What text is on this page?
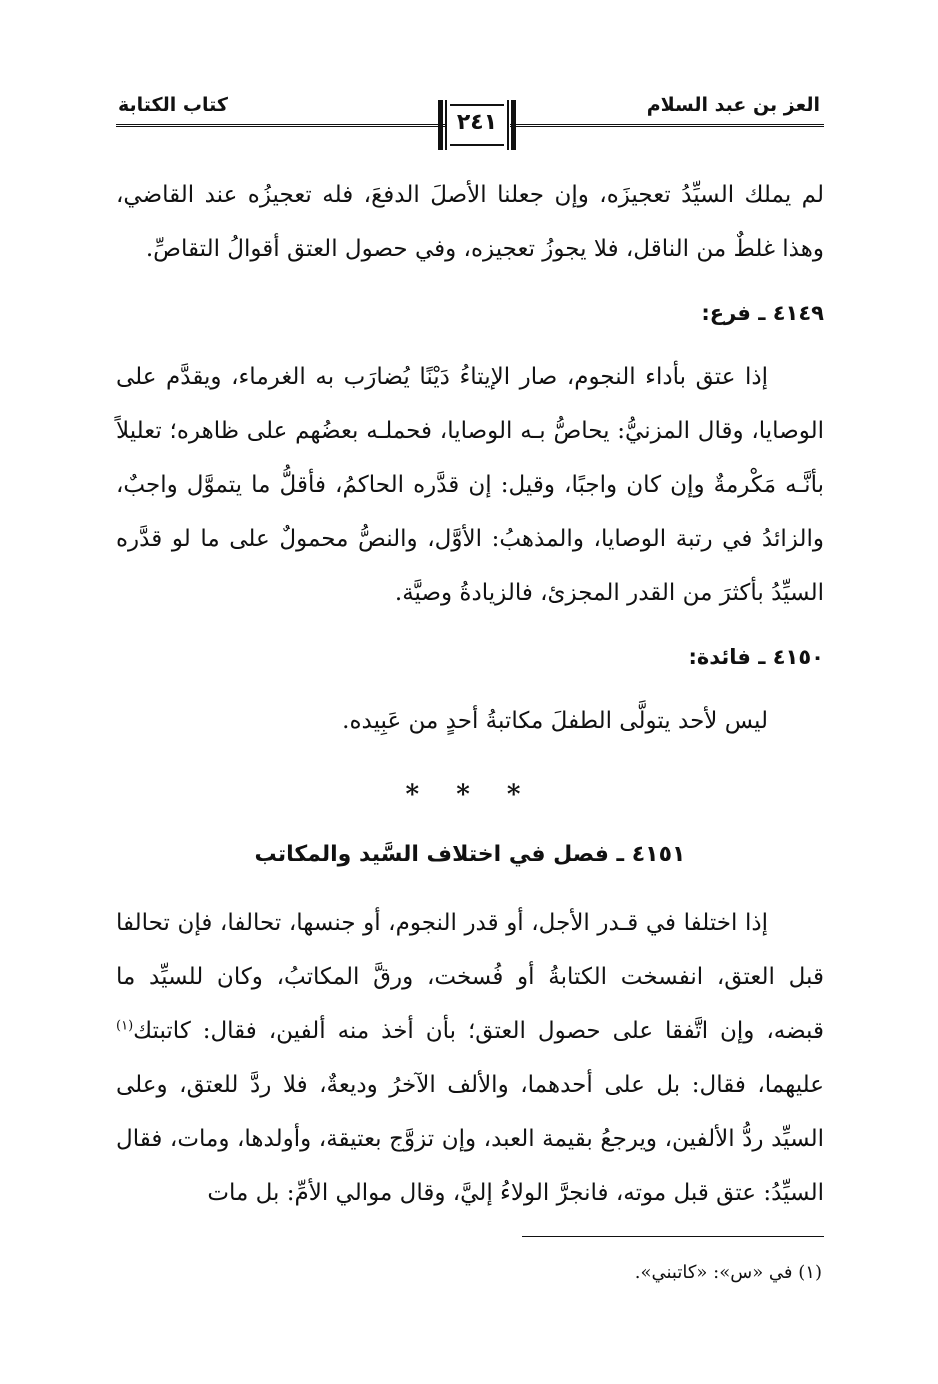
العز بن عبد السلام
كتاب الكتابة
٢٤١

لم يملك السيِّدُ تعجيزَه، وإن جعلنا الأصلَ الدفعَ، فله تعجيزُه عند القاضي، وهذا غلطٌ من الناقل، فلا يجوزُ تعجيزه، وفي حصول العتق أقوالُ التقاصِّ.

٤١٤٩ ـ فرع:

إذا عتق بأداء النجوم، صار الإيتاءُ دَيْنًا يُضارَب به الغرماء، ويقدَّم على الوصايا، وقال المزنيُّ: يحاصُّ بـه الوصايا، فحملـه بعضُهم على ظاهره؛ تعليلاً بأنَّـه مَكْرمةٌ وإن كان واجبًا، وقيل: إن قدَّره الحاكمُ، فأقلُّ ما يتموَّل واجبٌ، والزائدُ في رتبة الوصايا، والمذهبُ: الأوَّل، والنصُّ محمولٌ على ما لو قدَّره السيِّدُ بأكثرَ من القدر المجزئ، فالزيادةُ وصيَّة.

٤١٥٠ ـ فائدة:

ليس لأحد يتولَّى الطفلَ مكاتبةُ أحدٍ من عَبِيده.

* * *

٤١٥١ ـ فصل في اختلاف السَّيد والمكاتب

إذا اختلفا في قـدر الأجل، أو قدر النجوم، أو جنسها، تحالفا، فإن تحالفا قبل العتق، انفسخت الكتابةُ أو فُسخت، ورقَّ المكاتبُ، وكان للسيِّد ما قبضه، وإن اتَّفقا على حصول العتق؛ بأن أخذ منه ألفين، فقال: كاتبتك$^{(١)}$ عليهما، فقال: بل على أحدهما، والألف الآخرُ وديعةٌ، فلا ردَّ للعتق، وعلى السيِّد ردُّ الألفين، ويرجعُ بقيمة العبد، وإن تزوَّج بعتيقة، وأولدها، ومات، فقال السيِّدُ: عتق قبل موته، فانجرَّ الولاءُ إليَّ، وقال موالي الأمِّ: بل مات

(١) في «س»: «كاتبني».
